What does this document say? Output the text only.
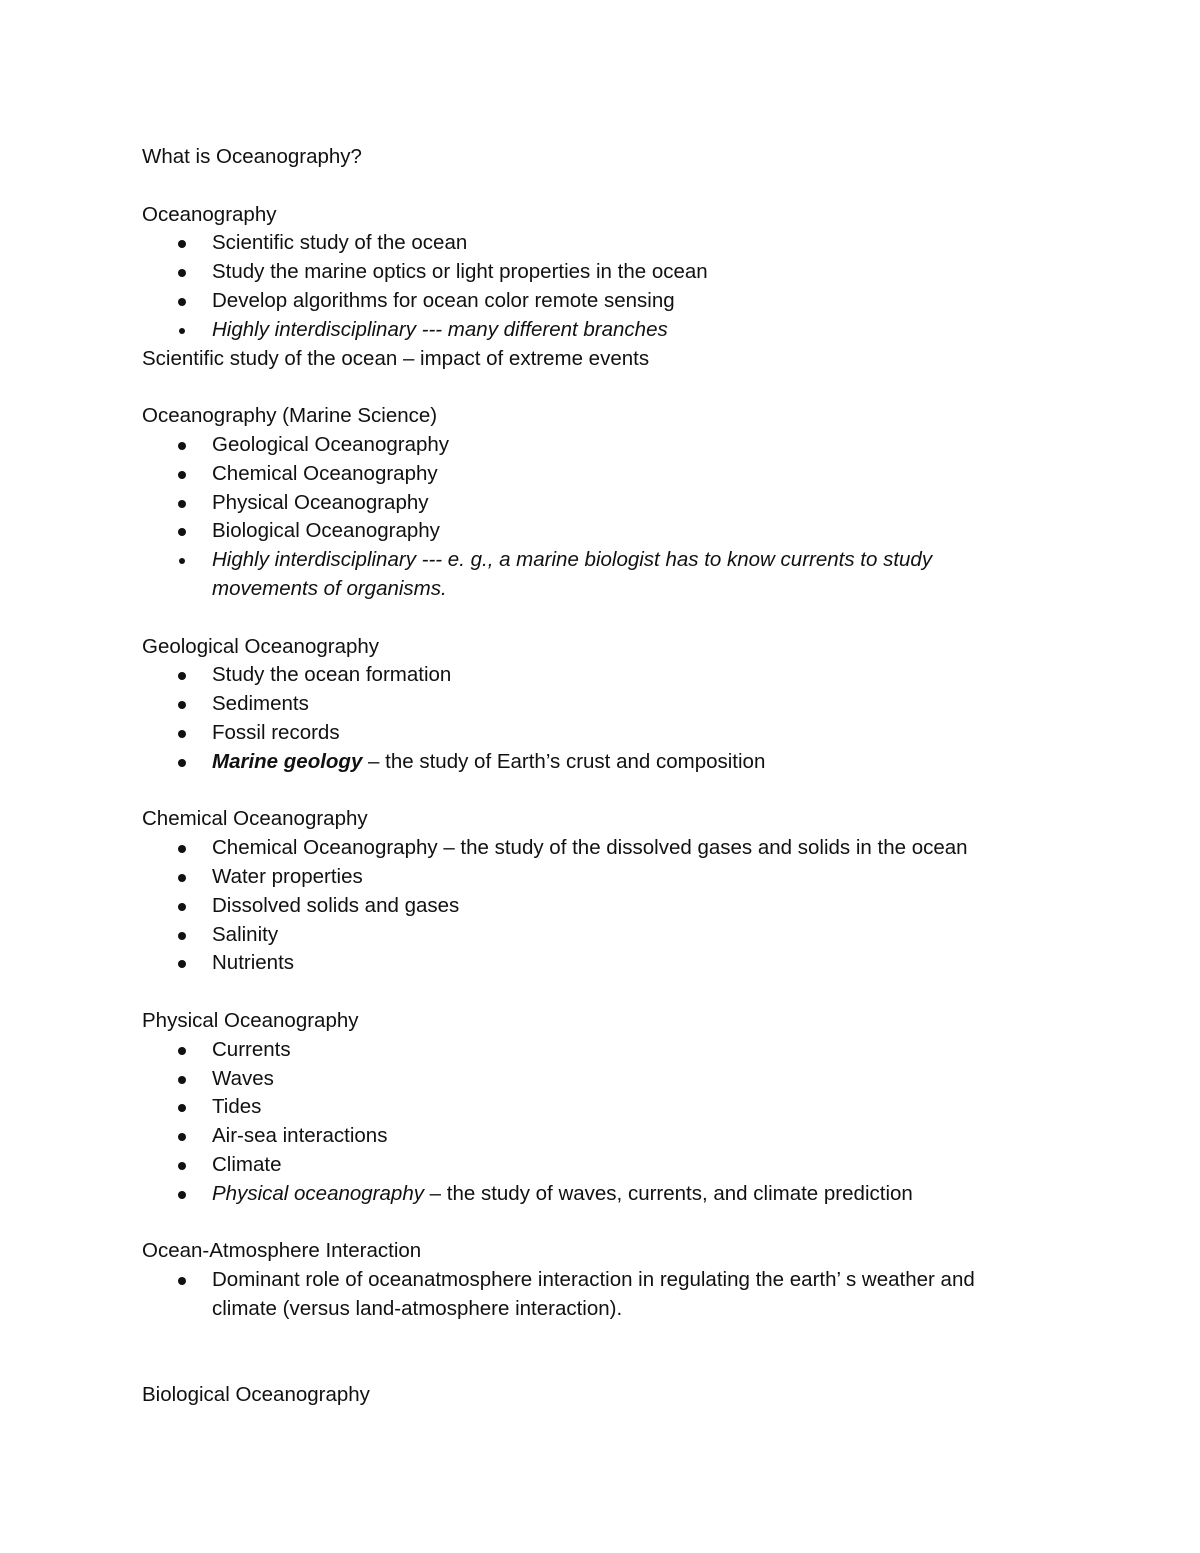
What is Oceanography?
Oceanography
Scientific study of the ocean
Study the marine optics or light properties in the ocean
Develop algorithms for ocean color remote sensing
Highly interdisciplinary --- many different branches
Scientific study of the ocean – impact of extreme events
Oceanography (Marine Science)
Geological Oceanography
Chemical Oceanography
Physical Oceanography
Biological Oceanography
Highly interdisciplinary --- e. g., a marine biologist has to know currents to study movements of organisms.
Geological Oceanography
Study the ocean formation
Sediments
Fossil records
Marine geology – the study of Earth’s crust and composition
Chemical Oceanography
Chemical Oceanography – the study of the dissolved gases and solids in the ocean
Water properties
Dissolved solids and gases
Salinity
Nutrients
Physical Oceanography
Currents
Waves
Tides
Air-sea interactions
Climate
Physical oceanography – the study of waves, currents, and climate prediction
Ocean-Atmosphere Interaction
Dominant role of oceanatmosphere interaction in regulating the earth’ s weather and climate (versus land-atmosphere interaction).
Biological Oceanography
